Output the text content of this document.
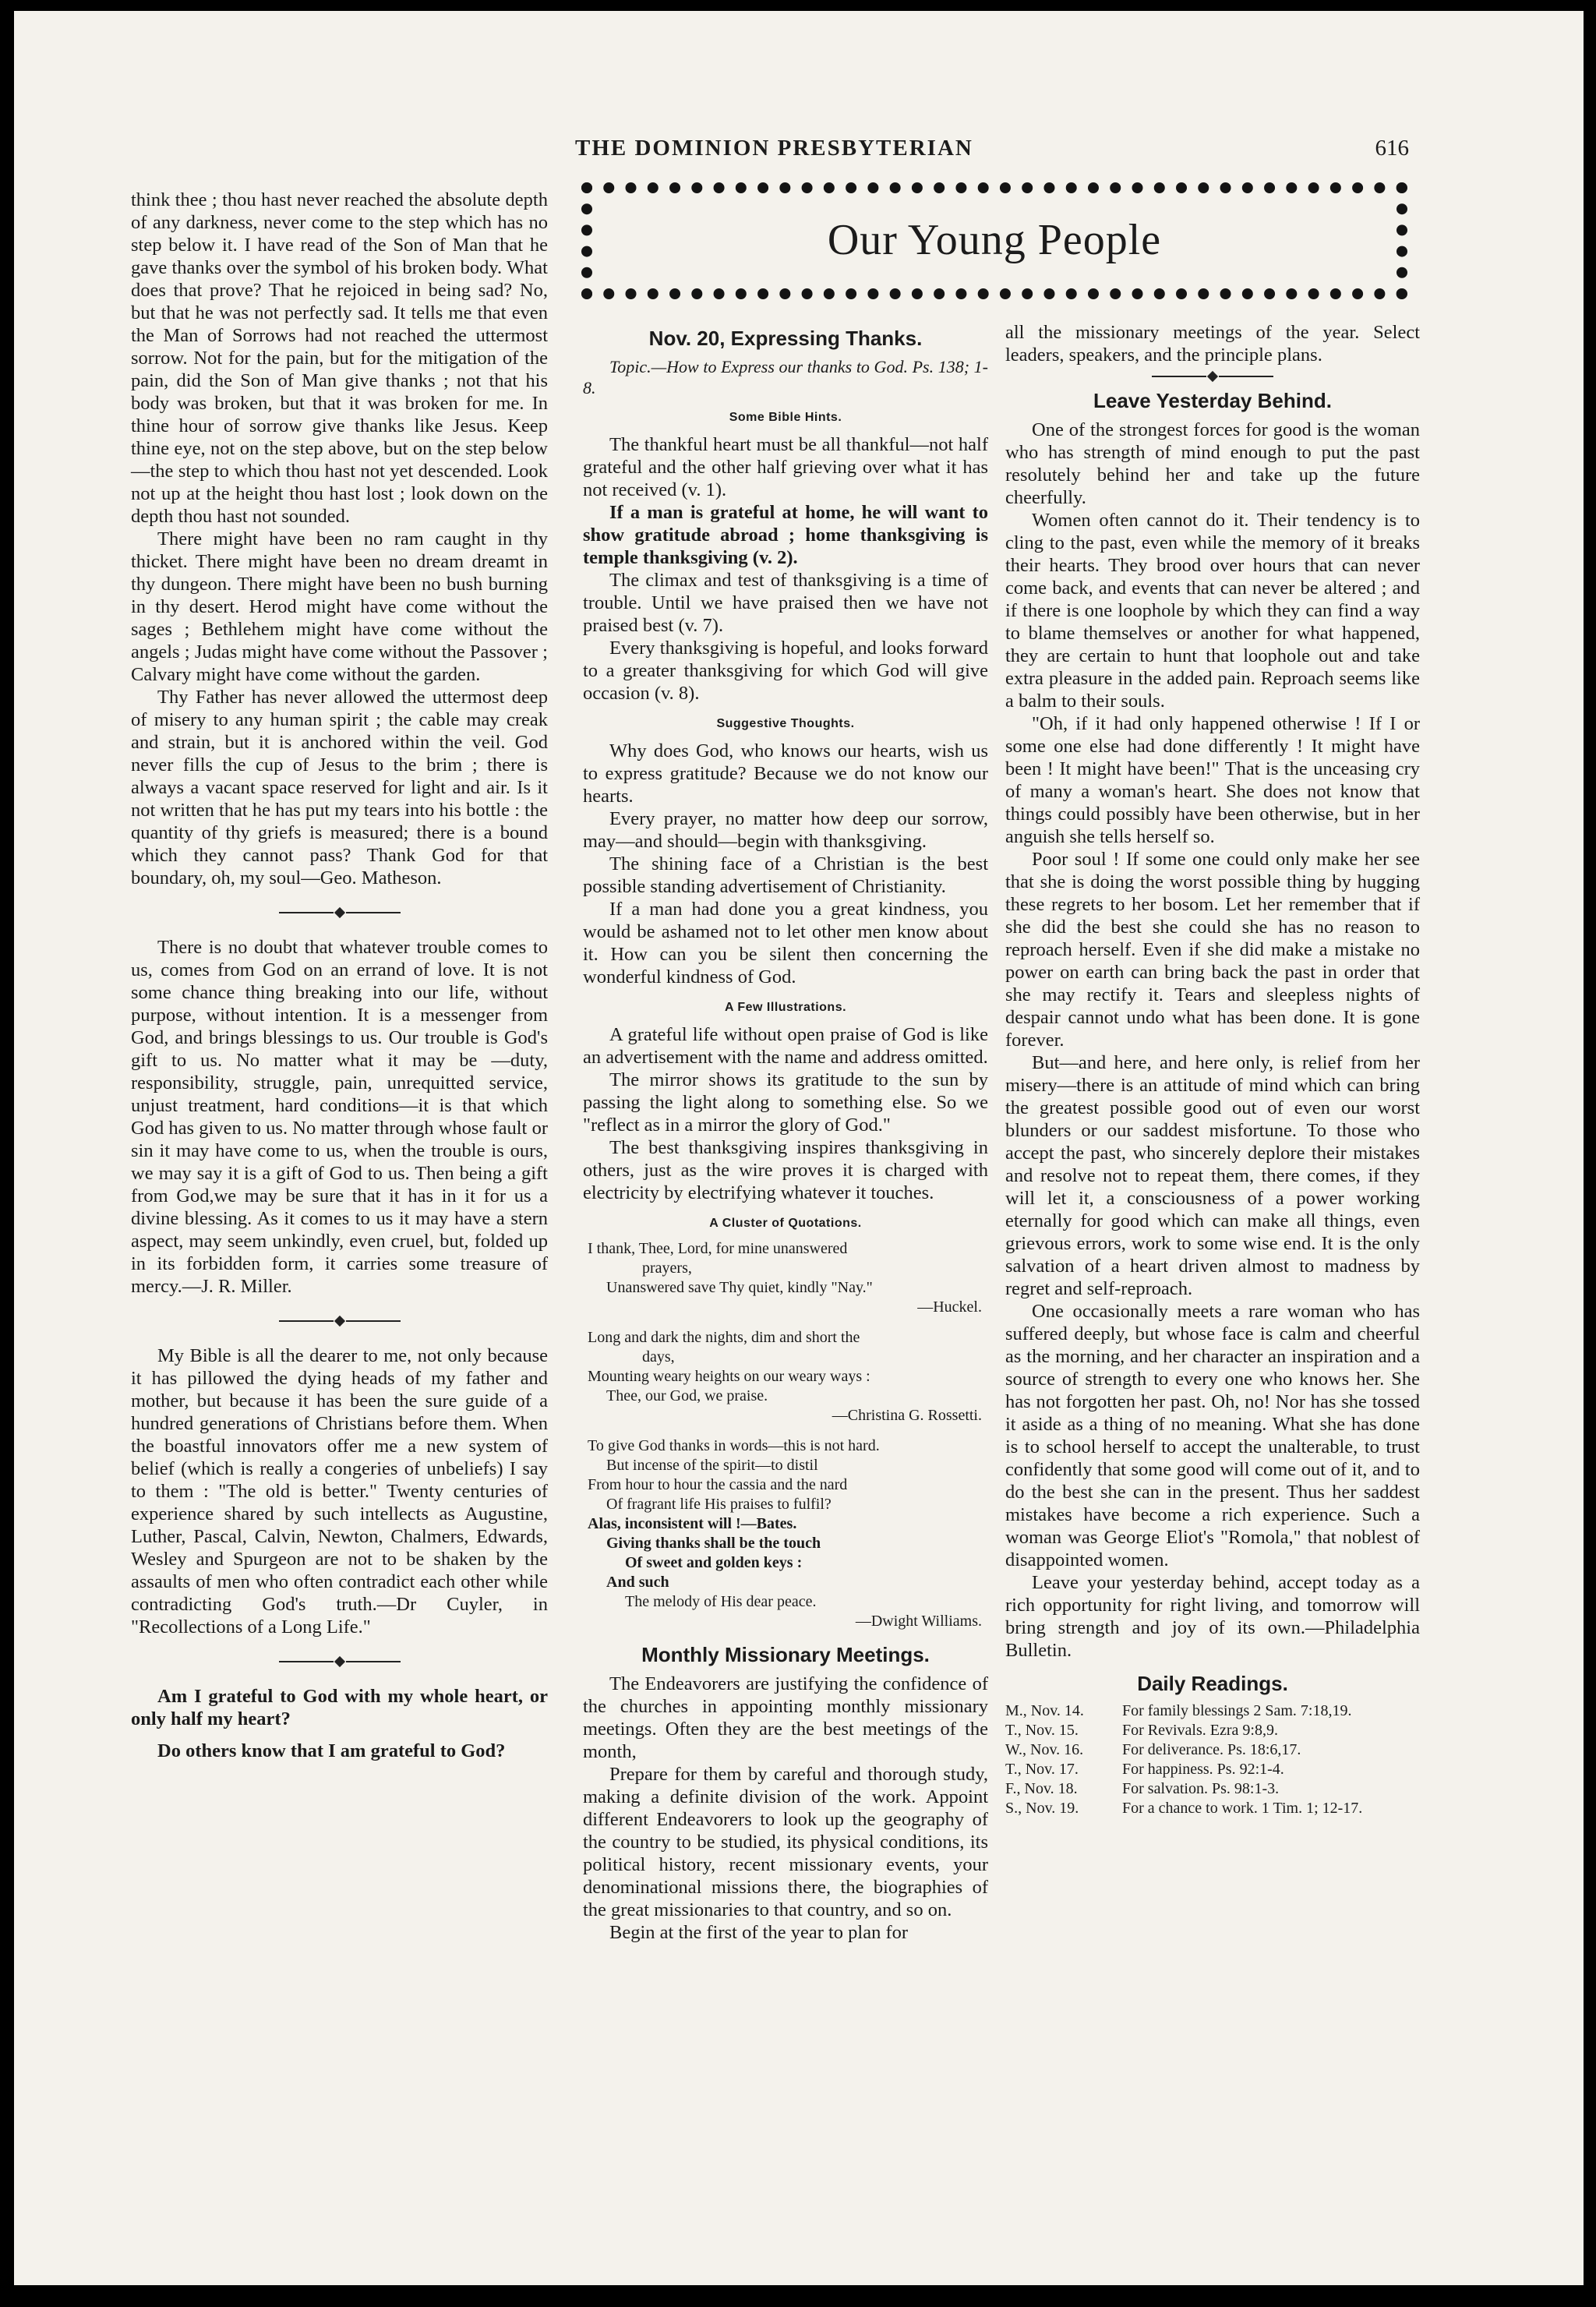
THE DOMINION PRESBYTERIAN	616
Our Young People

think thee ; thou hast never reached the absolute depth of any darkness, never come to the step which has no step below it. I have read of the Son of Man that he gave thanks over the symbol of his broken body. What does that prove? That he rejoiced in being sad? No, but that he was not perfectly sad. It tells me that even the Man of Sorrows had not reached the uttermost sorrow. Not for the pain, but for the mitigation of the pain, did the Son of Man give thanks ; not that his body was broken, but that it was broken for me. In thine hour of sorrow give thanks like Jesus. Keep thine eye, not on the step above, but on the step below—the step to which thou hast not yet descended. Look not up at the height thou hast lost ; look down on the depth thou hast not sounded.

There might have been no ram caught in thy thicket. There might have been no dream dreamt in thy dungeon. There might have been no bush burning in thy desert. Herod might have come without the sages ; Bethlehem might have come without the angels ; Judas might have come without the Passover ; Calvary might have come without the garden.

Thy Father has never allowed the uttermost deep of misery to any human spirit ; the cable may creak and strain, but it is anchored within the veil. God never fills the cup of Jesus to the brim ; there is always a vacant space reserved for light and air. Is it not written that he has put my tears into his bottle : the quantity of thy griefs is measured; there is a bound which they cannot pass? Thank God for that boundary, oh, my soul—Geo. Matheson.

There is no doubt that whatever trouble comes to us, comes from God on an errand of love. It is not some chance thing breaking into our life, without purpose, without intention. It is a messenger from God, and brings blessings to us. Our trouble is God's gift to us. No matter what it may be —duty, responsibility, struggle, pain, unrequitted service, unjust treatment, hard conditions—it is that which God has given to us. No matter through whose fault or sin it may have come to us, when the trouble is ours, we may say it is a gift of God to us. Then being a gift from God,we may be sure that it has in it for us a divine blessing. As it comes to us it may have a stern aspect, may seem unkindly, even cruel, but, folded up in its forbidden form, it carries some treasure of mercy.—J. R. Miller.

My Bible is all the dearer to me, not only because it has pillowed the dying heads of my father and mother, but because it has been the sure guide of a hundred generations of Christians before them. When the boastful innovators offer me a new system of belief (which is really a congeries of unbeliefs) I say to them : "The old is better." Twenty centuries of experience shared by such intellects as Augustine, Luther, Pascal, Calvin, Newton, Chalmers, Edwards, Wesley and Spurgeon are not to be shaken by the assaults of men who often contradict each other while contradicting God's truth.—Dr Cuyler, in "Recollections of a Long Life."

Am I grateful to God with my whole heart, or only half my heart?

Do others know that I am grateful to God?

Nov. 20, Expressing Thanks.

Topic.—How to Express our thanks to God. Ps. 138; 1-8.

Some Bible Hints.

The thankful heart must be all thankful—not half grateful and the other half grieving over what it has not received (v. 1).

If a man is grateful at home, he will want to show gratitude abroad ; home thanksgiving is temple thanksgiving (v. 2).

The climax and test of thanksgiving is a time of trouble. Until we have praised then we have not praised best (v. 7).

Every thanksgiving is hopeful, and looks forward to a greater thanksgiving for which God will give occasion (v. 8).

Suggestive Thoughts.

Why does God, who knows our hearts, wish us to express gratitude? Because we do not know our hearts.

Every prayer, no matter how deep our sorrow, may—and should—begin with thanksgiving.

The shining face of a Christian is the best possible standing advertisement of Christianity.

If a man had done you a great kindness, you would be ashamed not to let other men know about it. How can you be silent then concerning the wonderful kindness of God.

A Few Illustrations.

A grateful life without open praise of God is like an advertisement with the name and address omitted.

The mirror shows its gratitude to the sun by passing the light along to something else. So we "reflect as in a mirror the glory of God."

The best thanksgiving inspires thanksgiving in others, just as the wire proves it is charged with electricity by electrifying whatever it touches.

A Cluster of Quotations.
I thank, Thee, Lord, for mine unanswered
prayers,
Unanswered save Thy quiet, kindly "Nay."
—Huckel.
Long and dark the nights, dim and short the
days,
Mounting weary heights on our weary ways :
Thee, our God, we praise.
—Christina G. Rossetti.
To give God thanks in words—this is not hard.
But incense of the spirit—to distil
From hour to hour the cassia and the nard
Of fragrant life His praises to fulfil?
Alas, inconsistent will !—Bates.
Giving thanks shall be the touch
Of sweet and golden keys :
And such
The melody of His dear peace.
—Dwight Williams.
Monthly Missionary Meetings.

The Endeavorers are justifying the confidence of the churches in appointing monthly missionary meetings. Often they are the best meetings of the month,

Prepare for them by careful and thorough study, making a definite division of the work. Appoint different Endeavorers to look up the geography of the country to be studied, its physical conditions, its political history, recent missionary events, your denominational missions there, the biographies of the great missionaries to that country, and so on.

Begin at the first of the year to plan for

all the missionary meetings of the year. Select leaders, speakers, and the principle plans.

Leave Yesterday Behind.

One of the strongest forces for good is the woman who has strength of mind enough to put the past resolutely behind her and take up the future cheerfully.

Women often cannot do it. Their tendency is to cling to the past, even while the memory of it breaks their hearts. They brood over hours that can never come back, and events that can never be altered ; and if there is one loophole by which they can find a way to blame themselves or another for what happened, they are certain to hunt that loophole out and take extra pleasure in the added pain. Reproach seems like a balm to their souls.

"Oh, if it had only happened otherwise ! If I or some one else had done differently ! It might have been ! It might have been!" That is the unceasing cry of many a woman's heart. She does not know that things could possibly have been otherwise, but in her anguish she tells herself so.

Poor soul ! If some one could only make her see that she is doing the worst possible thing by hugging these regrets to her bosom. Let her remember that if she did the best she could she has no reason to reproach herself. Even if she did make a mistake no power on earth can bring back the past in order that she may rectify it. Tears and sleepless nights of despair cannot undo what has been done. It is gone forever.

But—and here, and here only, is relief from her misery—there is an attitude of mind which can bring the greatest possible good out of even our worst blunders or our saddest misfortune. To those who accept the past, who sincerely deplore their mistakes and resolve not to repeat them, there comes, if they will let it, a consciousness of a power working eternally for good which can make all things, even grievous errors, work to some wise end. It is the only salvation of a heart driven almost to madness by regret and self-reproach.

One occasionally meets a rare woman who has suffered deeply, but whose face is calm and cheerful as the morning, and her character an inspiration and a source of strength to every one who knows her. She has not forgotten her past. Oh, no! Nor has she tossed it aside as a thing of no meaning. What she has done is to school herself to accept the unalterable, to trust confidently that some good will come out of it, and to do the best she can in the present. Thus her saddest mistakes have become a rich experience. Such a woman was George Eliot's "Romola," that noblest of disappointed women.

Leave your yesterday behind, accept today as a rich opportunity for right living, and tomorrow will bring strength and joy of its own.—Philadelphia Bulletin.

Daily Readings.
M., Nov. 14.	For family blessings 2 Sam. 7:18,19.
T., Nov. 15.	For Revivals. Ezra 9:8,9.
W., Nov. 16.	For deliverance. Ps. 18:6,17.
T., Nov. 17.	For happiness. Ps. 92:1-4.
F., Nov. 18.	For salvation. Ps. 98:1-3.
S., Nov. 19.	For a chance to work. 1 Tim. 1; 12-17.
